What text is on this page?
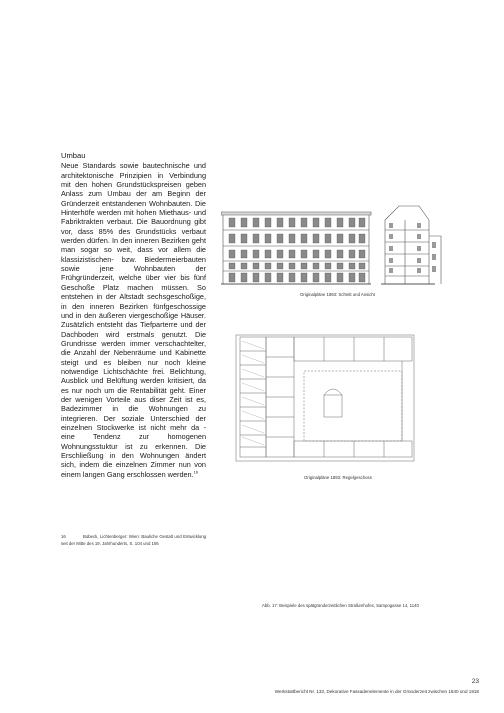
Umbau

Neue Standards sowie bautechnische und architektonische Prinzipien in Verbindung mit den hohen Grundstückspreisen geben Anlass zum Umbau der am Beginn der Gründerzeit entstandenen Wohnbauten. Die Hinterhöfe werden mit hohen Miethaus- und Fabriktrakten verbaut. Die Bauordnung gibt vor, dass 85% des Grundstücks verbaut werden dürfen. In den inneren Bezirken geht man sogar so weit, dass vor allem die klassizistischen- bzw. Biedermeierbauten sowie jene Wohnbauten der Frühgründerzeit, welche über vier bis fünf Geschoße Platz machen müssen. So entstehen in der Altstadt sechsgeschoßige, in den inneren Bezirken fünfgeschossige und in den äußeren viergeschoßige Häuser. Zusätzlich entsteht das Tiefparterre und der Dachboden wird erstmals genutzt. Die Grundrisse werden immer verschachtelter, die Anzahl der Nebenräume und Kabinette steigt und es bleiben nur noch kleine notwendige Lichtschächte frei. Belichtung, Ausblick und Belüftung werden kritisiert, da es nur noch um die Rentabilität geht. Einer der wenigen Vorteile aus diser Zeit ist es, Badezimmer in die Wohnungen zu integrieren. Der soziale Unterschied der einzelnen Stockwerke ist nicht mehr da - eine Tendenz zur homogenen Wohnungsstuktur ist zu erkennen. Die Erschließung in den Wohnungen ändert sich, indem die einzelnen Zimmer nun von einem langen Gang erschlossen werden.$^{16}$

16	Bobeck, Lichtenberger: Wien: Bauliche Gestalt und Entwicklung seit der Mitte des 19. Jahrhunderts, S. 104 und 106
Originalpläne 1893: Schnitt und Ansicht
Originalpläne 1893: Regelgeschoss
Abb. 17: Beispiele des spätgründerzeitlichen Straßenhofes, Sampogasse 14, 1140
23
Werkstattbericht Nr. 133, Dekorative Fassadenelemente in der Gründerzeit zwischen 1840 und 1918
